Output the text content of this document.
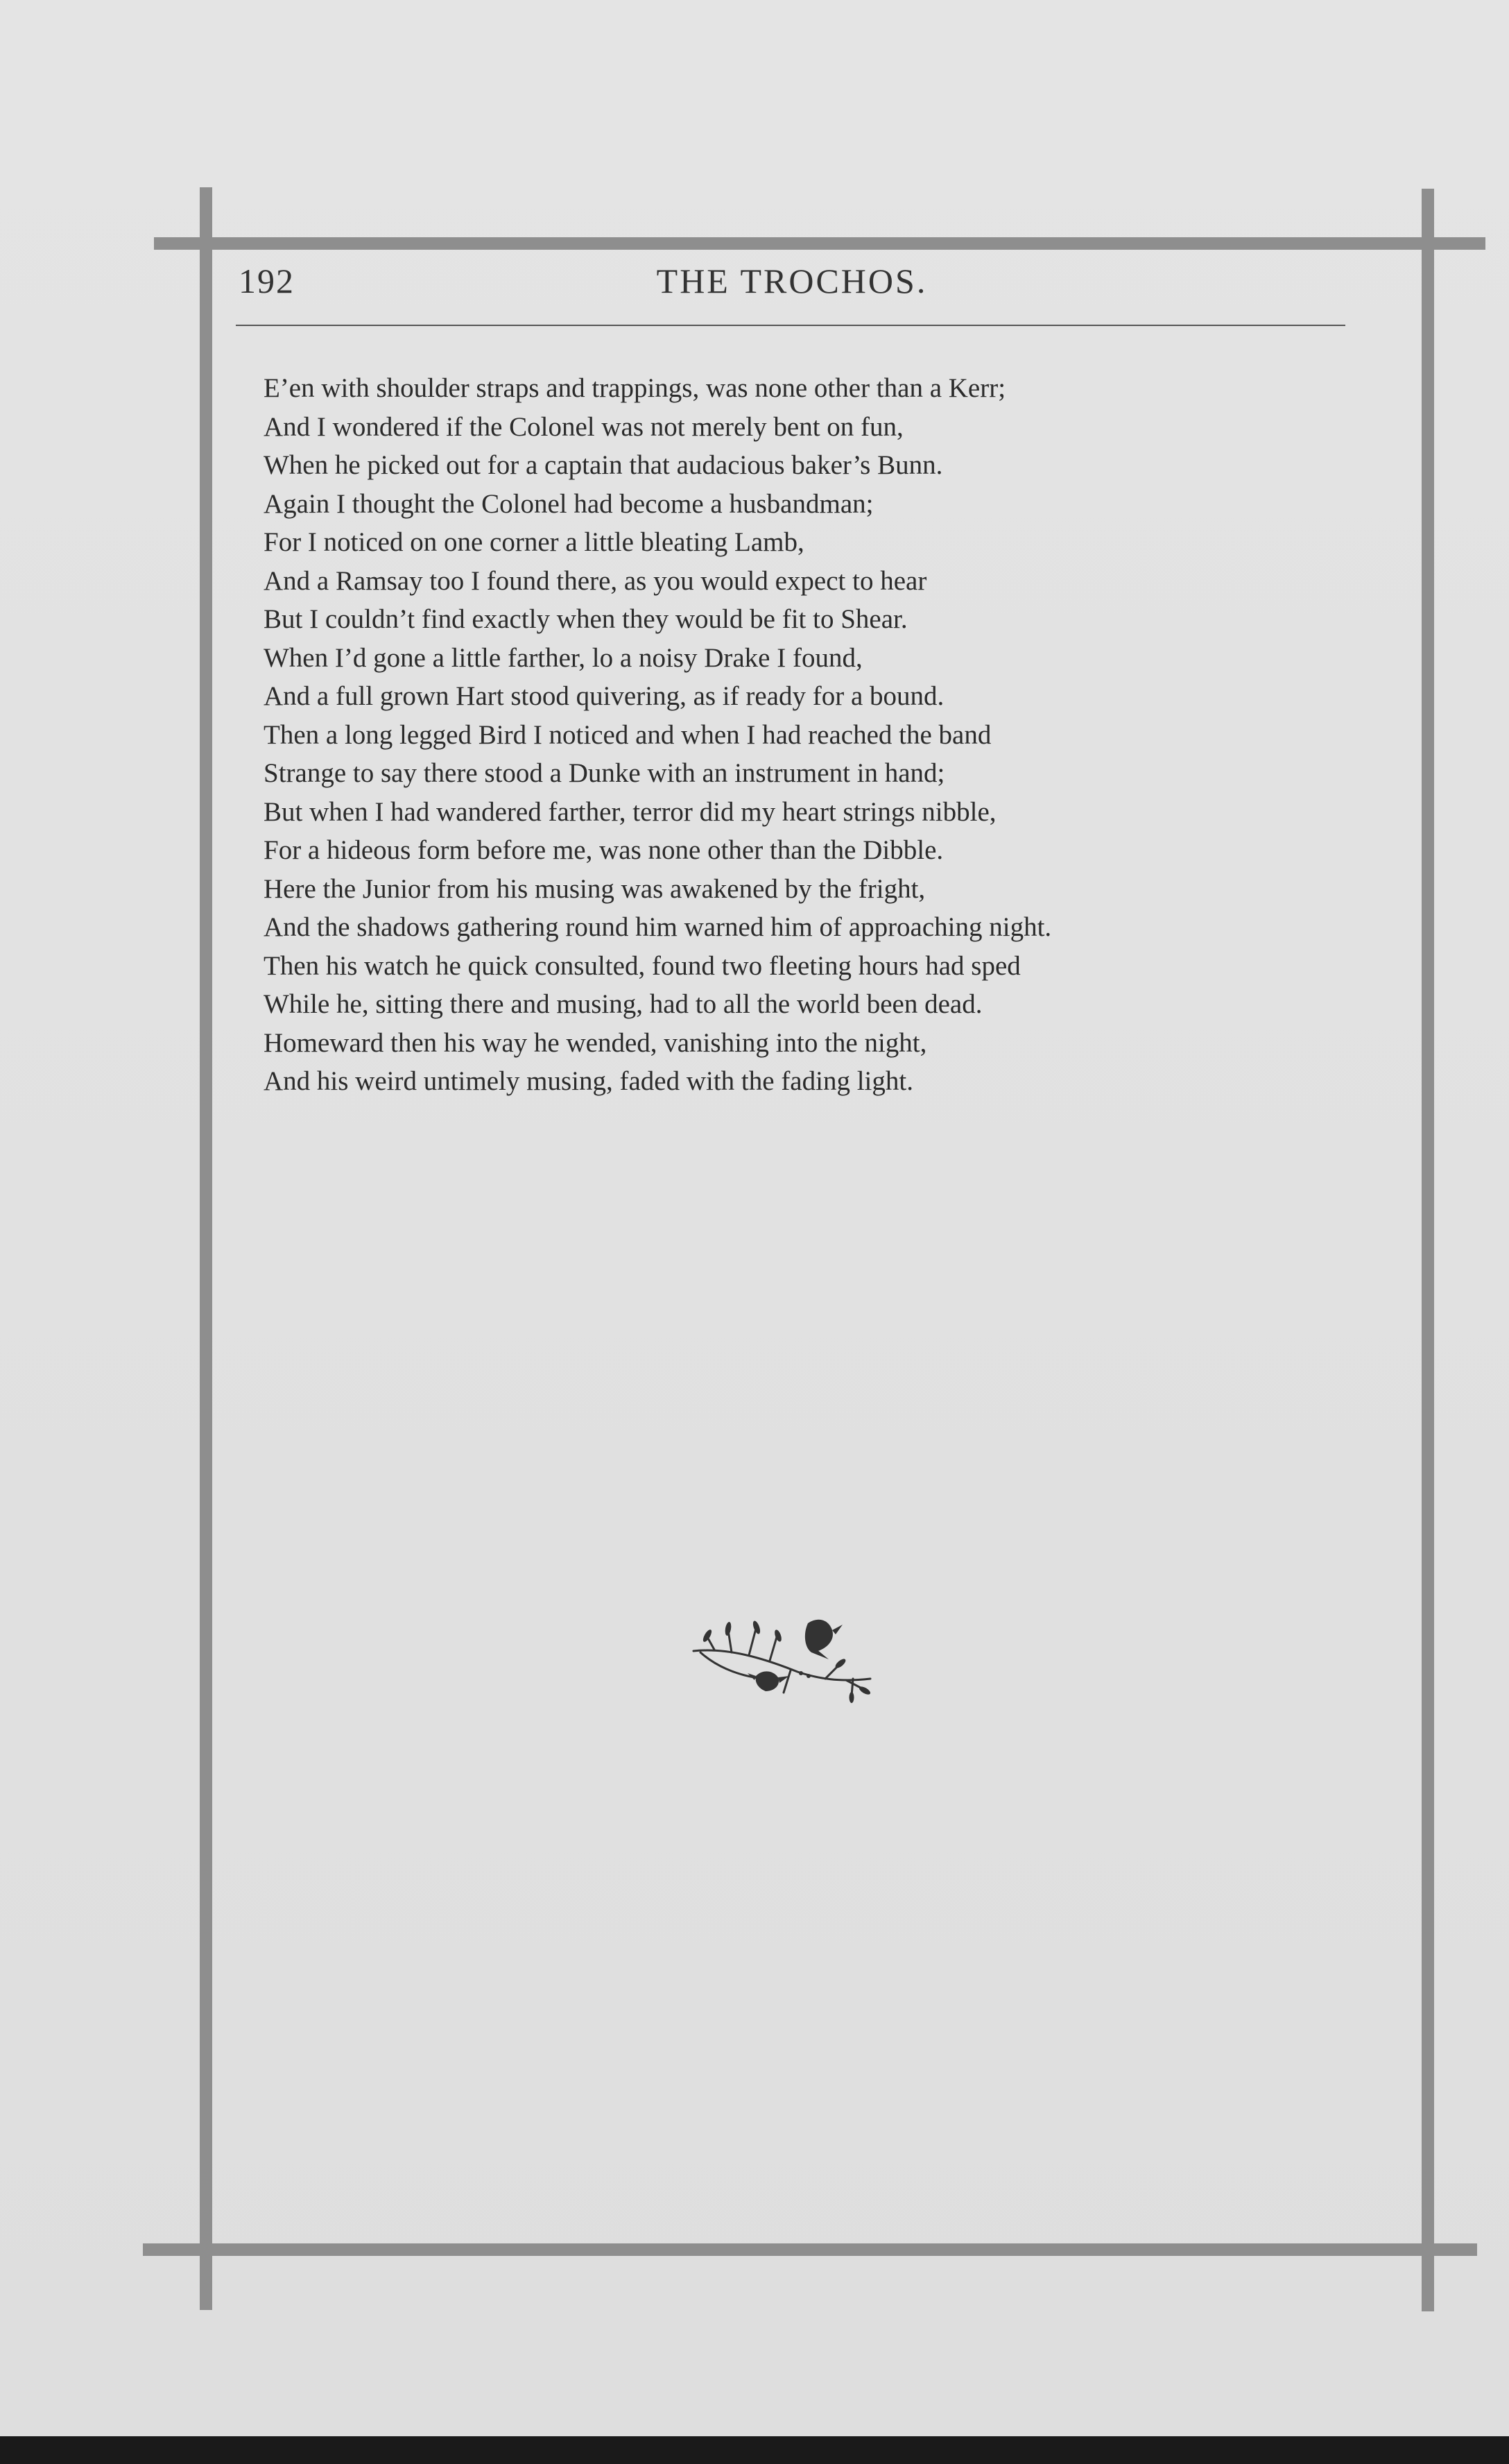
192	THE TROCHOS.
E’en with shoulder straps and trappings, was none other than a Kerr;
And I wondered if the Colonel was not merely bent on fun,
When he picked out for a captain that audacious baker’s Bunn.
Again I thought the Colonel had become a husbandman;
For I noticed on one corner a little bleating Lamb,
And a Ramsay too I found there, as you would expect to hear
But I couldn’t find exactly when they would be fit to Shear.
When I’d gone a little farther, lo a noisy Drake I found,
And a full grown Hart stood quivering, as if ready for a bound.
Then a long legged Bird I noticed and when I had reached the band
Strange to say there stood a Dunke with an instrument in hand;
But when I had wandered farther, terror did my heart strings nibble,
For a hideous form before me, was none other than the Dibble.
Here the Junior from his musing was awakened by the fright,
And the shadows gathering round him warned him of approaching night.
Then his watch he quick consulted, found two fleeting hours had sped
While he, sitting there and musing, had to all the world been dead.
Homeward then his way he wended, vanishing into the night,
And his weird untimely musing, faded with the fading light.
